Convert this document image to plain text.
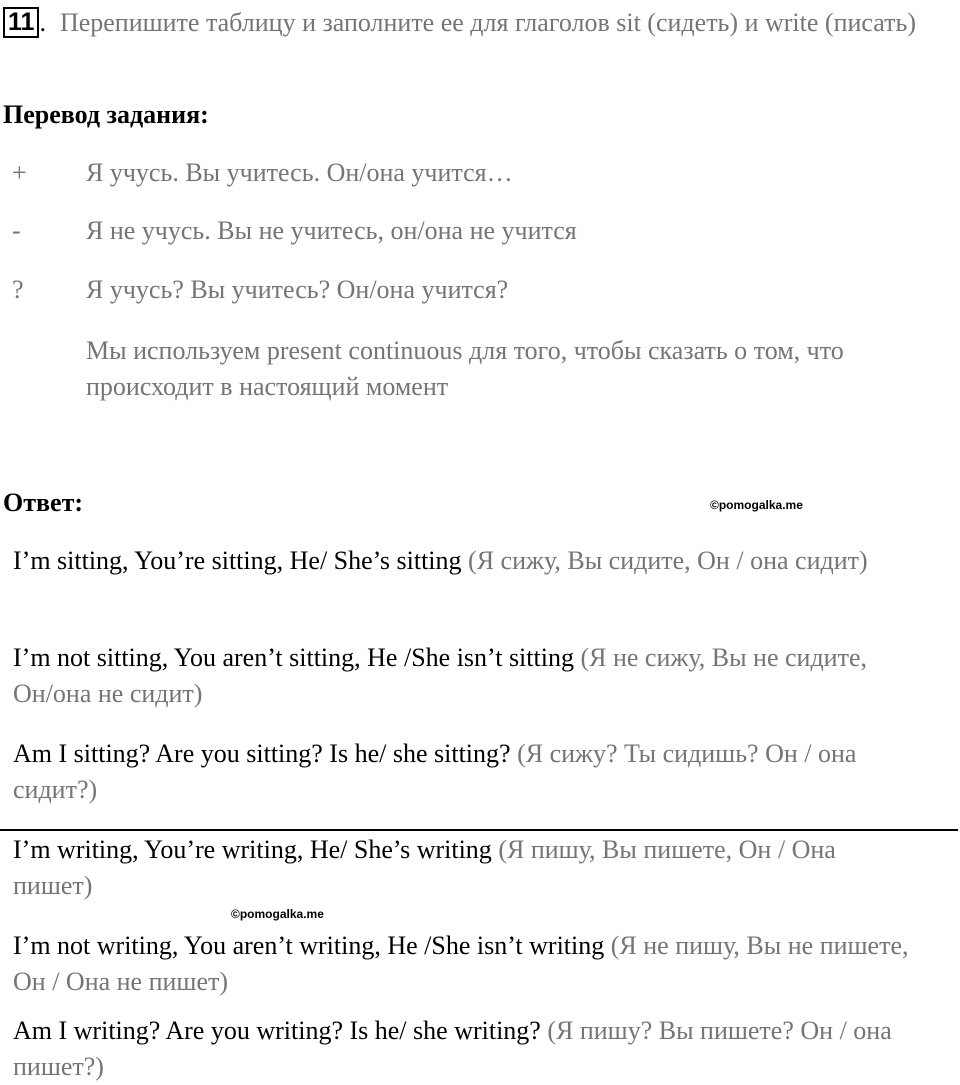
11 . Перепишите таблицу и заполните ее для глаголов sit (сидеть) и write (писать)
Перевод задания:
+ Я учусь. Вы учитесь. Он/она учится…
-	Я не учусь. Вы не учитесь, он/она не учится
? Я учусь? Вы учитесь? Он/она учится?
Мы используем present continuous для того, чтобы сказать о том, что происходит в настоящий момент
Ответ:	©pomogalka.me
I’m sitting, You’re sitting, He/ She’s sitting (Я сижу, Вы сидите, Он / она сидит)
I’m not sitting, You aren’t sitting, He /She isn’t sitting (Я не сижу, Вы не сидите, Он/она не сидит)
Am I sitting? Are you sitting? Is he/ she sitting? (Я сижу? Ты сидишь? Он / она сидит?)
I’m writing, You’re writing, He/ She’s writing (Я пишу, Вы пишете, Он / Она пишет)
©pomogalka.me
I’m not writing, You aren’t writing, He /She isn’t writing (Я не пишу, Вы не пишете, Он / Она не пишет)
Am I writing? Are you writing? Is he/ she writing? (Я пишу? Вы пишете? Он / она пишет?)
